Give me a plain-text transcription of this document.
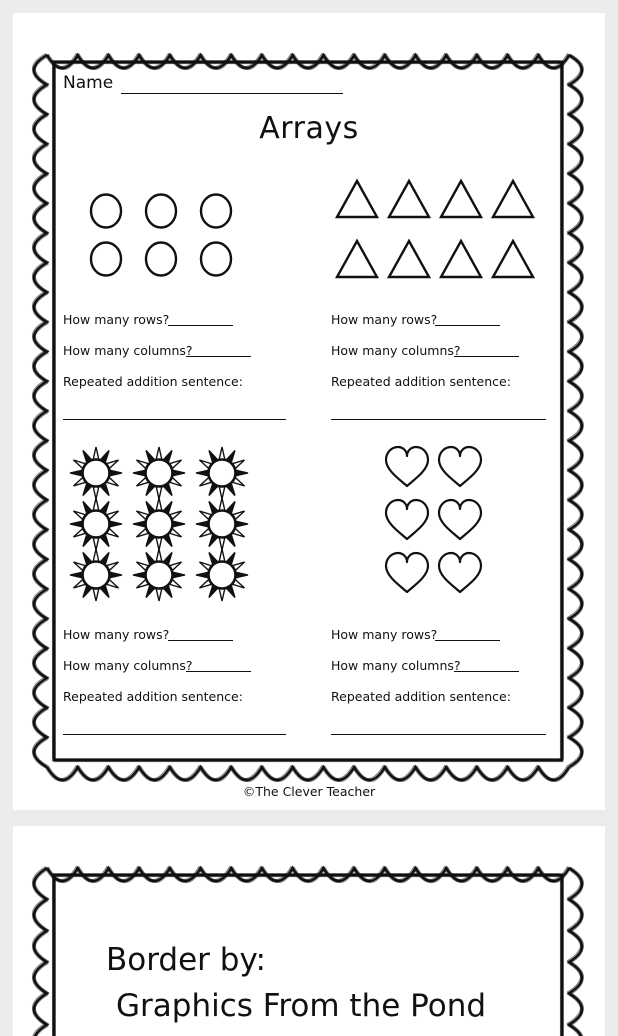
Name
Arrays
How many rows?
How many columns?
Repeated addition sentence:
How many rows?
How many columns?
Repeated addition sentence:
How many rows?
How many columns?
Repeated addition sentence:
How many rows?
How many columns?
Repeated addition sentence:
©The Clever Teacher
Border by:
Graphics From the Pond
